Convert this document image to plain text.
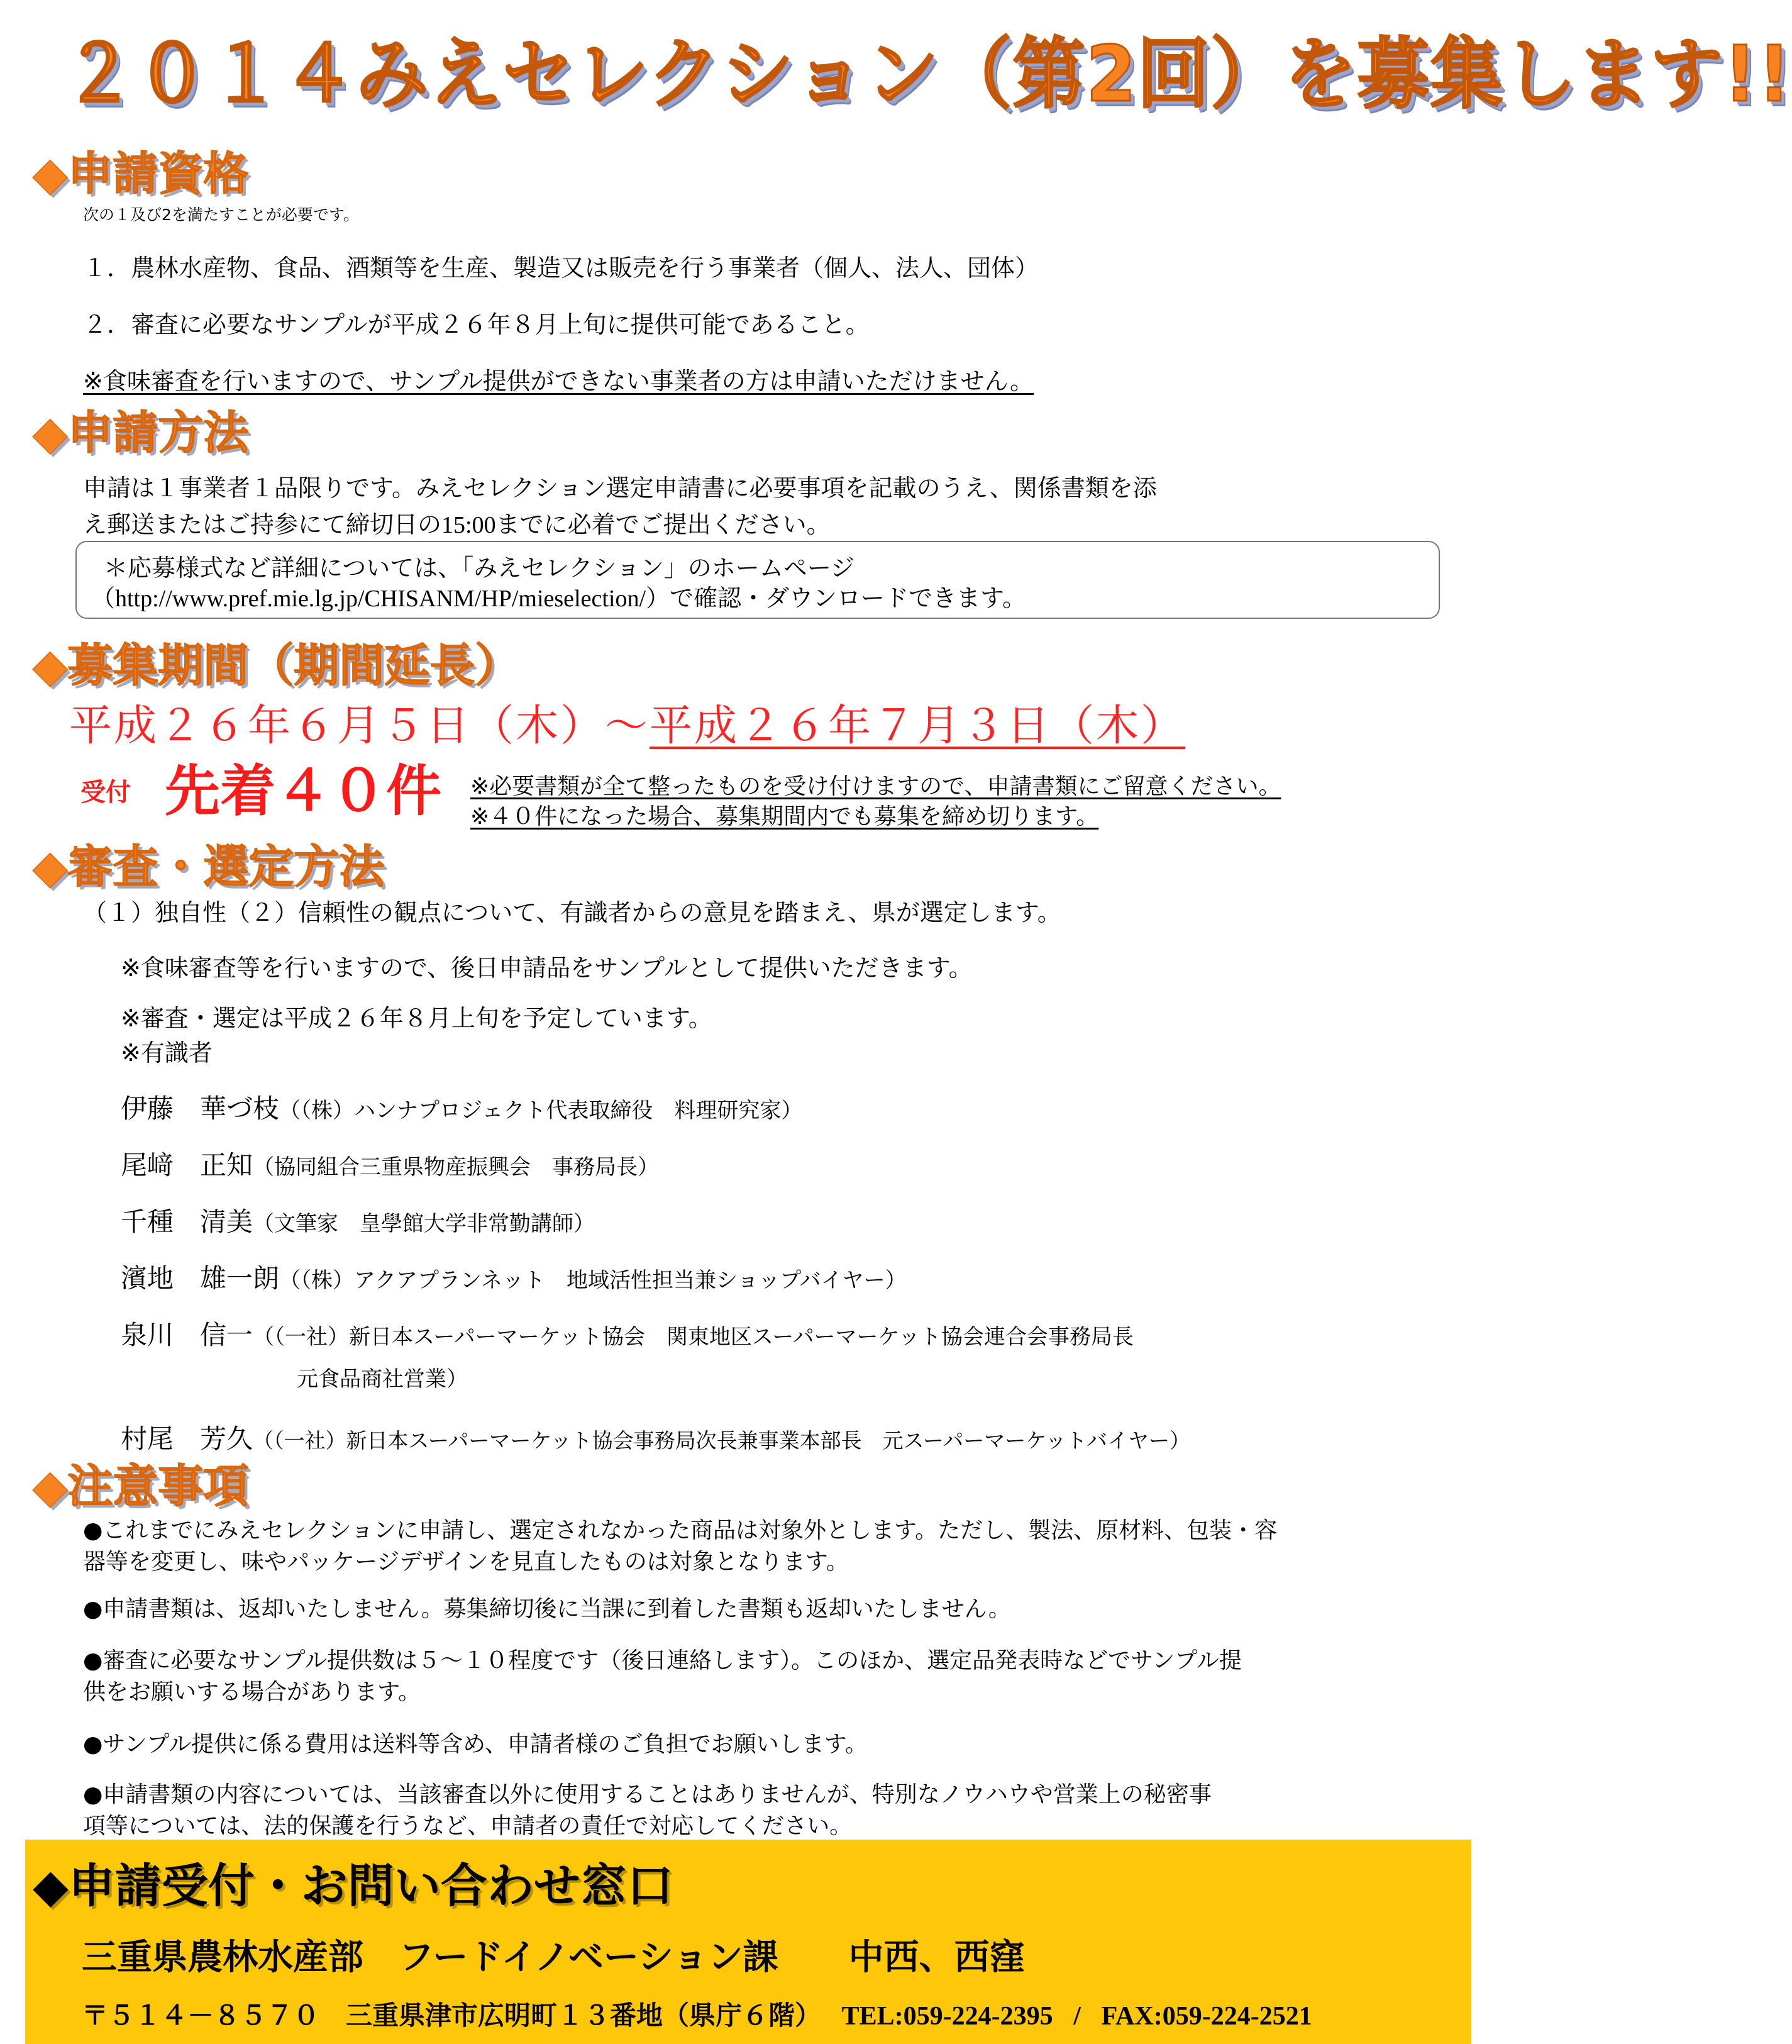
２０１４みえセレクション（第2回）を募集します!!
◆申請資格
次の１及び2を満たすことが必要です。
１．農林水産物、食品、酒類等を生産、製造又は販売を行う事業者（個人、法人、団体）
２．審査に必要なサンプルが平成２６年８月上旬に提供可能であること。
※食味審査を行いますので、サンプル提供ができない事業者の方は申請いただけません。
◆申請方法
申請は１事業者１品限りです。みえセレクション選定申請書に必要事項を記載のうえ、関係書類を添
え郵送またはご持参にて締切日の15:00までに必着でご提出ください。
＊応募様式など詳細については、「みえセレクション」のホームページ
（http://www.pref.mie.lg.jp/CHISANM/HP/mieselection/）で確認・ダウンロードできます。
◆募集期間（期間延長）
平成２６年６月５日（木）～平成２６年７月３日（木）
受付 先着４０件 ※必要書類が全て整ったものを受け付けますので、申請書類にご留意ください。
※４０件になった場合、募集期間内でも募集を締め切ります。
◆審査・選定方法
（１）独自性（２）信頼性の観点について、有識者からの意見を踏まえ、県が選定します。
※食味審査等を行いますので、後日申請品をサンプルとして提供いただきます。
※審査・選定は平成２６年８月上旬を予定しています。
※有識者
伊藤　華づ枝（（株）ハンナプロジェクト代表取締役　料理研究家）
尾﨑　正知（協同組合三重県物産振興会　事務局長）
千種　清美（文筆家　皇學館大学非常勤講師）
濱地　雄一朗（（株）アクアプランネット　地域活性担当兼ショップバイヤー）
泉川　信一（（一社）新日本スーパーマーケット協会　関東地区スーパーマーケット協会連合会事務局長
元食品商社営業）
村尾　芳久（（一社）新日本スーパーマーケット協会事務局次長兼事業本部長　元スーパーマーケットバイヤー）
◆注意事項
●これまでにみえセレクションに申請し、選定されなかった商品は対象外とします。ただし、製法、原材料、包装・容
器等を変更し、味やパッケージデザインを見直したものは対象となります。
●申請書類は、返却いたしません。募集締切後に当課に到着した書類も返却いたしません。
●審査に必要なサンプル提供数は５～１０程度です（後日連絡します）。このほか、選定品発表時などでサンプル提
供をお願いする場合があります。
●サンプル提供に係る費用は送料等含め、申請者様のご負担でお願いします。
●申請書類の内容については、当該審査以外に使用することはありませんが、特別なノウハウや営業上の秘密事
項等については、法的保護を行うなど、申請者の責任で対応してください。
◆申請受付・お問い合わせ窓口
三重県農林水産部　フードイノベーション課　　中西、西窪
〒５１４－８５７０　三重県津市広明町１３番地（県庁６階） TEL:059-224-2395 / FAX:059-224-2521
